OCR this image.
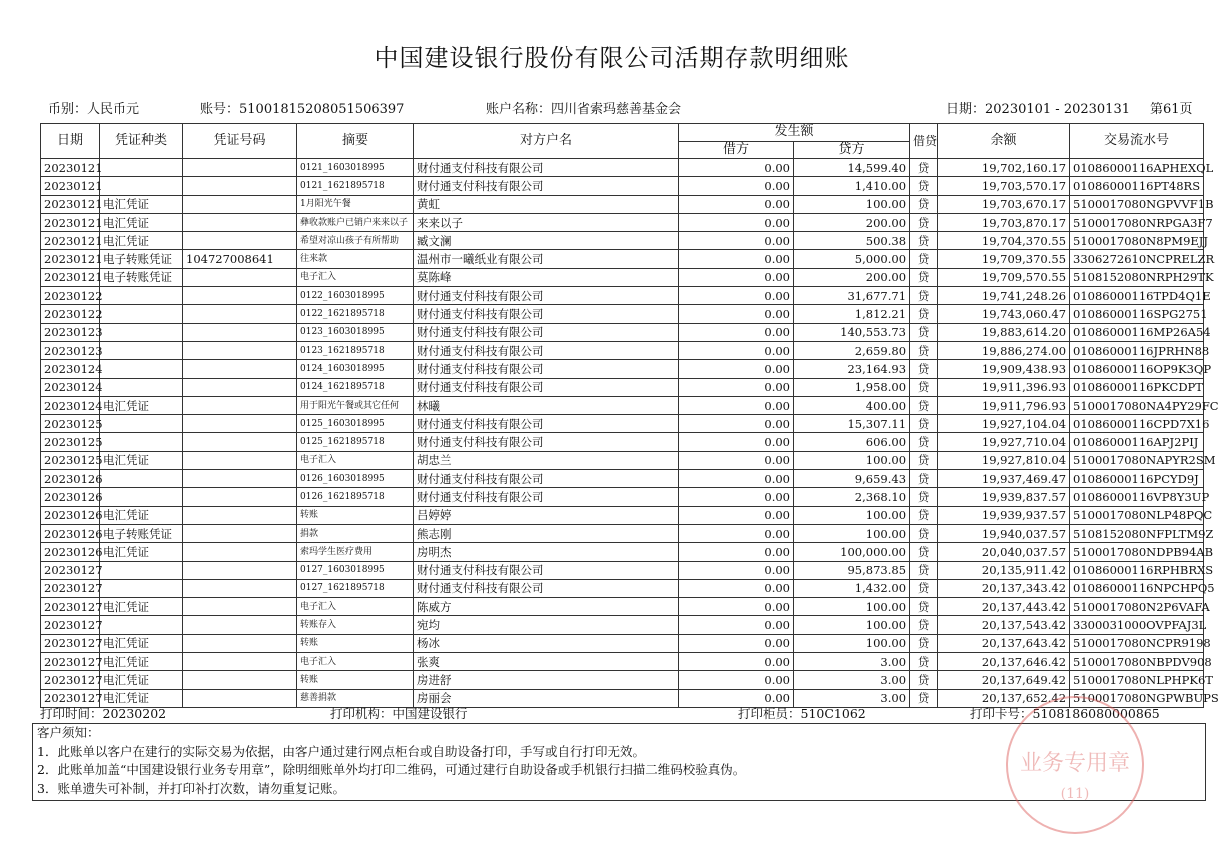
中国建设银行股份有限公司活期存款明细账
币别：人民币元	账号：51001815208051506397	账户名称：四川省索玛慈善基金会	日期：20230101 - 20230131 第61页
日期	凭证种类	凭证号码	摘要	对方户名	发生额		借贷	余额	交易流水号
					借方	贷方			
20230121			0121_1603018995	财付通支付科技有限公司	0.00	14,599.40	贷	19,702,160.17	01086000116APHEXQL
20230121			0121_1621895718	财付通支付科技有限公司	0.00	1,410.00	贷	19,703,570.17	01086000116PT48RS
20230121	电汇凭证		1月阳光午餐	黄虹	0.00	100.00	贷	19,703,670.17	5100017080NGPVVF1B
20230121	电汇凭证		彝收款账户已销户来来以子	来来以子	0.00	200.00	贷	19,703,870.17	5100017080NRPGA3F7
20230121	电汇凭证		希望对凉山孩子有所帮助	臧文澜	0.00	500.38	贷	19,704,370.55	5100017080N8PM9EJJ
20230121	电子转账凭证	104727008641	往来款	温州市一曦纸业有限公司	0.00	5,000.00	贷	19,709,370.55	3306272610NCPRELZR
20230121	电子转账凭证		电子汇入	莫陈峰	0.00	200.00	贷	19,709,570.55	5108152080NRPH29TK
20230122			0122_1603018995	财付通支付科技有限公司	0.00	31,677.71	贷	19,741,248.26	01086000116TPD4Q1E
20230122			0122_1621895718	财付通支付科技有限公司	0.00	1,812.21	贷	19,743,060.47	01086000116SPG2751
20230123			0123_1603018995	财付通支付科技有限公司	0.00	140,553.73	贷	19,883,614.20	01086000116MP26A54
20230123			0123_1621895718	财付通支付科技有限公司	0.00	2,659.80	贷	19,886,274.00	01086000116JPRHN88
20230124			0124_1603018995	财付通支付科技有限公司	0.00	23,164.93	贷	19,909,438.93	01086000116OP9K3QP
20230124			0124_1621895718	财付通支付科技有限公司	0.00	1,958.00	贷	19,911,396.93	01086000116PKCDPT
20230124	电汇凭证		用于阳光午餐或其它任何	林曦	0.00	400.00	贷	19,911,796.93	5100017080NA4PY29FC
20230125			0125_1603018995	财付通支付科技有限公司	0.00	15,307.11	贷	19,927,104.04	01086000116CPD7X16
20230125			0125_1621895718	财付通支付科技有限公司	0.00	606.00	贷	19,927,710.04	01086000116APJ2PIJ
20230125	电汇凭证		电子汇入	胡忠兰	0.00	100.00	贷	19,927,810.04	5100017080NAPYR2SM
20230126			0126_1603018995	财付通支付科技有限公司	0.00	9,659.43	贷	19,937,469.47	01086000116PCYD9J
20230126			0126_1621895718	财付通支付科技有限公司	0.00	2,368.10	贷	19,939,837.57	01086000116VP8Y3UP
20230126	电汇凭证		转账	吕婷婷	0.00	100.00	贷	19,939,937.57	5100017080NLP48PQC
20230126	电子转账凭证		捐款	熊志刚	0.00	100.00	贷	19,940,037.57	5108152080NFPLTM9Z
20230126	电汇凭证		索玛学生医疗费用	房明杰	0.00	100,000.00	贷	20,040,037.57	5100017080NDPB94AB
20230127			0127_1603018995	财付通支付科技有限公司	0.00	95,873.85	贷	20,135,911.42	01086000116RPHBRXS
20230127			0127_1621895718	财付通支付科技有限公司	0.00	1,432.00	贷	20,137,343.42	01086000116NPCHPQ5
20230127	电汇凭证		电子汇入	陈威方	0.00	100.00	贷	20,137,443.42	5100017080N2P6VAFA
20230127			转账存入	宛均	0.00	100.00	贷	20,137,543.42	3300031000OVPFAJ3L
20230127	电汇凭证		转账	杨冰	0.00	100.00	贷	20,137,643.42	5100017080NCPR9198
20230127	电汇凭证		电子汇入	张爽	0.00	3.00	贷	20,137,646.42	5100017080NBPDV908
20230127	电汇凭证		转账	房进舒	0.00	3.00	贷	20,137,649.42	5100017080NLPHPK6T
20230127	电汇凭证		慈善捐款	房丽会	0.00	3.00	贷	20,137,652.42	5100017080NGPWBUPS
打印时间：20230202	打印机构：中国建设银行	打印柜员：510C1062	打印卡号：5108186080000865
客户须知：
1．此账单以客户在建行的实际交易为依据，由客户通过建行网点柜台或自助设备打印，手写或自行打印无效。
2．此账单加盖“中国建设银行业务专用章”，除明细账单外均打印二维码，可通过建行自助设备或手机银行扫描二维码校验真伪。
3．账单遗失可补制，并打印补打次数，请勿重复记账。
业务专用章
(11)
